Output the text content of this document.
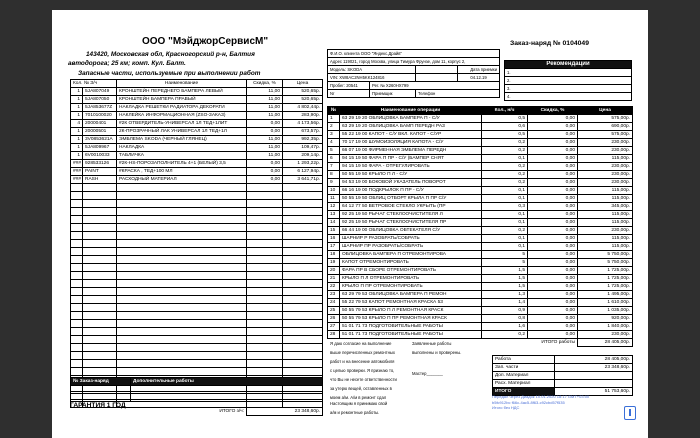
ООО "МэйджорСервисМ"
143420, Московская обл, Красногорский р-н, Балтия
автодорога; 25 км; комп. Кул. Балт.
Запасные части, используемые при выполнении работ
Заказ-наряд № 0104049
Кол. № З/ч		Наименование	Скидка, %	Цена
1	5JA807049	КРОНШТЕЙН ПЕРЕДНЕГО БАМПЕРА ЛЕВЫЙ	11,00	520,65р.
1	5JA807050	КРОНШТЕЙН БАМПЕРА ПРАВЫЙ	11,00	520,65р.
1	5JA853677Z	НАКЛАДКА РЕШЕТКИ РАДИАТОРА ДЕКОРАТИ	11,00	4 802,44р.
1	7010100020	НАКЛЕЙКА ИНФОРМАЦИОННАЯ (ZSO-ЗАКАЗ)	11,00	283,90р.
4	20000401	#2К ОТВЕРДИТЕЛЬ-УНИВЕРСАЛ 1Л ТЕД+1ЛИТ	0,00	4 173,56р.
1	20000501	2К-ПРОЗРАЧНЫЙ ЛАК УНИВЕРСАЛ 1Л ТЕД+1Л	0,00	673,57р.
1	3V0853621A	ЭМБЛЕМА SKODA (ЧЕРНЫЙ ГЛЯНЕЦ)	11,00	992,35р.
1	5JA809967	НАКЛАДКА	11,00	109,47р.
1	6V0010033	ТАБЛИЧКА	11,00	209,14р.
###	928533126	#2К-НS-ПОРОЗАПОЛНИТЕЛЬ 4+1 (БЕЛЫЙ) 3,5	0,00	1 293,22р.
###	PAINT	#КРАСКА , ТЕД+100 МЛ	0,00	6 127,94р.
###	RASH	РАСХОДНЫЙ МАТЕРИАЛ	0,00	3 641,71р.

		ИТОГО з/ч:	23 348,60р.	
№ Заказ-наряд	Дополнительные работы

ГАРАНТИЯ 1 ГОД
Ф.И.О. клиента ООО "Яндекс.Драйв"			
Адрес 119021, город Москва, улица Тимура Фрунзе, дом 11, корпус 2,			
Модель: SKODA			Дата приемки
VIN: XW8AC2NH5KK124816			04.12.19
Пробег: 20541	Рег. № Х260НХ799		
Nr	Приемщик	Телефон	
Рекомендации
1.
2.
3.
4.
№	Наименование операции	Кол., н/ч	Скидка, %	Цена
1	63 29 19 20 ОБЛИЦОВКА БАМПЕРА П - С/У	0,5	0,00	575,00р.
2	63 29 19 20 ОБЛИЦОВКА БАМП ПЕРЕДН РАЗ	0,6	0,00	690,00р.
3	55 22 19 00 КАПОТ - С/У ВКЛ. КАПОТ - С/УР	0,5	0,00	575,00р.
4	70 17 19 00 ШУМОИЗОЛЯЦИЯ КАПОТА - С/У	0,2	0,00	230,00р.
5	66 07 19 00 ФИРМЕННАЯ ЭМБЛЕМА ПЕРЕДН	0,2	0,00	230,00р.
6	94 15 19 50 ФАРА П ПР - С/У (БАМПЕР СНЯТ	0,1	0,00	115,00р.
7	94 15 19 50 ФАРА - ОТРЕГУЛИРОВАТЬ	0,2	0,00	230,00р.
8	50 55 19 50 КРЫЛО П Л - С/У	0,2	0,00	230,00р.
9	94 53 19 00 БОКОВОЙ УКАЗАТЕЛЬ ПОВОРОТ	0,2	0,00	230,00р.
10	66 16 19 00 ПОДКРЫЛОК П ПР - С/У	0,1	0,00	115,00р.
11	50 55 19 50 ОБЛИЦ ОТБОРТ КРЫЛА П ПР С/У	0,1	0,00	115,00р.
12	64 12 77 50 ВЕТРОВОЕ СТЕКЛО УКРЫТЬ (ПР	0,3	0,00	345,00р.
13	92 25 19 50 РЫЧАГ СТЕКЛООЧИСТИТЕЛЯ Л	0,1	0,00	115,00р.
14	92 25 19 50 РЫЧАГ СТЕКЛООЧИСТИТЕЛЯ ПР	0,1	0,00	115,00р.
15	66 44 19 00 ОБЛИЦОВКА ОБТЕКАТЕЛЯ С/У	0,2	0,00	230,00р.
16	ШАРНИР Р РАЗОБРАТЬ/СОБРАТЬ	0,1	0,00	115,00р.
17	ШАРНИР ПР РАЗОБРАТЬ/СОБРАТЬ	0,1	0,00	115,00р.
18	ОБЛИЦОВКА БАМПЕРА П ОТРЕМОНТИРОВА	5	0,00	5 750,00р.
19	КАПОТ ОТРЕМОНТИРОВАТЬ	5	0,00	5 750,00р.
20	ФАРА ПР В СБОРЕ ОТРЕМОНТИРОВАТЬ	1,5	0,00	1 725,00р.
21	КРЫЛО П Л ОТРЕМОНТИРОВАТЬ	1,5	0,00	1 725,00р.
22	КРЫЛО П ПР ОТРЕМОНТИРОВАТЬ	1,5	0,00	1 725,00р.
23	63 29 79 53 ОБЛИЦОВКА БАМПЕРА П РЕМОН	1,3	0,00	1 495,00р.
24	55 22 79 53 КАПОТ РЕМОНТНАЯ КРАСКА 53	1,4	0,00	1 610,00р.
25	50 55 79 53 КРЫЛО П Л РЕМОНТНАЯ КРАСК	0,9	0,00	1 035,00р.
26	50 55 79 53 КРЫЛО П ПР РЕМОНТНАЯ КРАСК	0,8	0,00	920,00р.
27	51 01 71 73 ПОДГОТОВИТЕЛЬНЫЕ РАБОТЫ	1,6	0,00	1 840,00р.
28	51 01 71 73 ПОДГОТОВИТЕЛЬНЫЕ РАБОТЫ	0,2	0,00	230,00р.
			ИТОГО работы	28 405,00р.
Я даю согласие на выполнение
выше перечисленных ремонтных
работ и на внесение автомобиля
с целью проверки. Я признаю то,
что Вы не несете ответственности
за утерю вещей, оставленных в
моем а/м. А/м в ремонт сдал
Заявленные работы
выполнены и проверены.
Мастер_______
Настоящим я принимаю свой
а/м и ремонтные работы.
Работа	28 405,00р.
Зап. части	23 348,60р.
Доп. Материал	
Расх. Материал	
ИТОГО	51 753,60р.
Передал через Диадок 10.01.2020 18:17 GMT+03:00
b5fc912bc f66c-4ac5-8f63-c92cbd57f535
Итого без НДС
